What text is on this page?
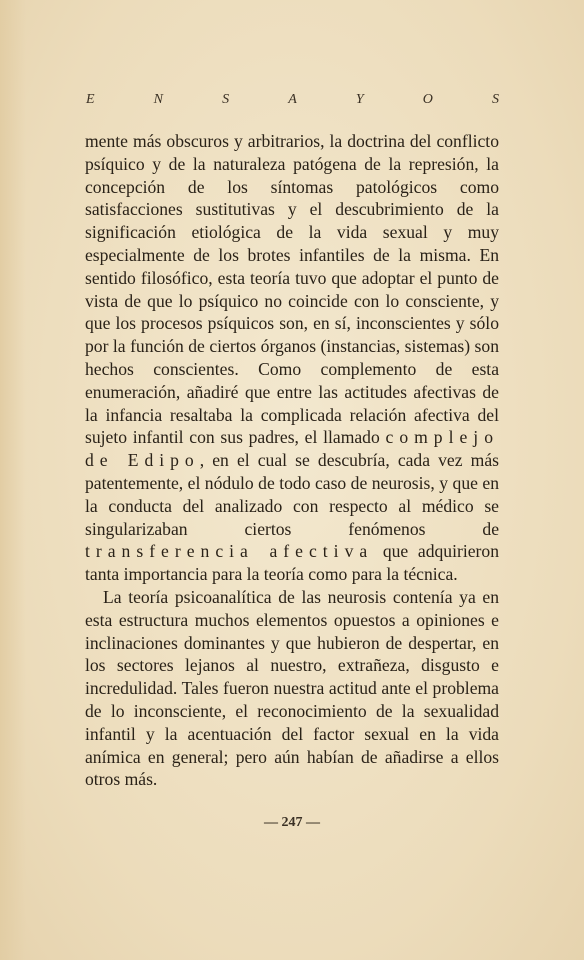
E	N	S	A	Y	O	S

mente más obscuros y arbitrarios, la doctrina del conflicto psíquico y de la naturaleza patógena de la represión, la concepción de los síntomas patológicos como satisfacciones sustitutivas y el descubrimiento de la significación etiológica de la vida sexual y muy especialmente de los brotes infantiles de la misma. En sentido filosófico, esta teoría tuvo que adoptar el punto de vista de que lo psíquico no coincide con lo consciente, y que los procesos psíquicos son, en sí, inconscientes y sólo por la función de ciertos órganos (instancias, sistemas) son hechos conscientes. Como complemento de esta enumeración, añadiré que entre las actitudes afectivas de la infancia resaltaba la complicada relación afectiva del sujeto infantil con sus padres, el llamado complejo de Edipo, en el cual se descubría, cada vez más patentemente, el nódulo de todo caso de neurosis, y que en la conducta del analizado con respecto al médico se singularizaban ciertos fenómenos de transferencia afectiva que adquirieron tanta importancia para la teoría como para la técnica.

La teoría psicoanalítica de las neurosis contenía ya en esta estructura muchos elementos opuestos a opiniones e inclinaciones dominantes y que hubieron de despertar, en los sectores lejanos al nuestro, extrañeza, disgusto e incredulidad. Tales fueron nuestra actitud ante el problema de lo inconsciente, el reconocimiento de la sexualidad infantil y la acentuación del factor sexual en la vida anímica en general; pero aún habían de añadirse a ellos otros más.

— 247 —
